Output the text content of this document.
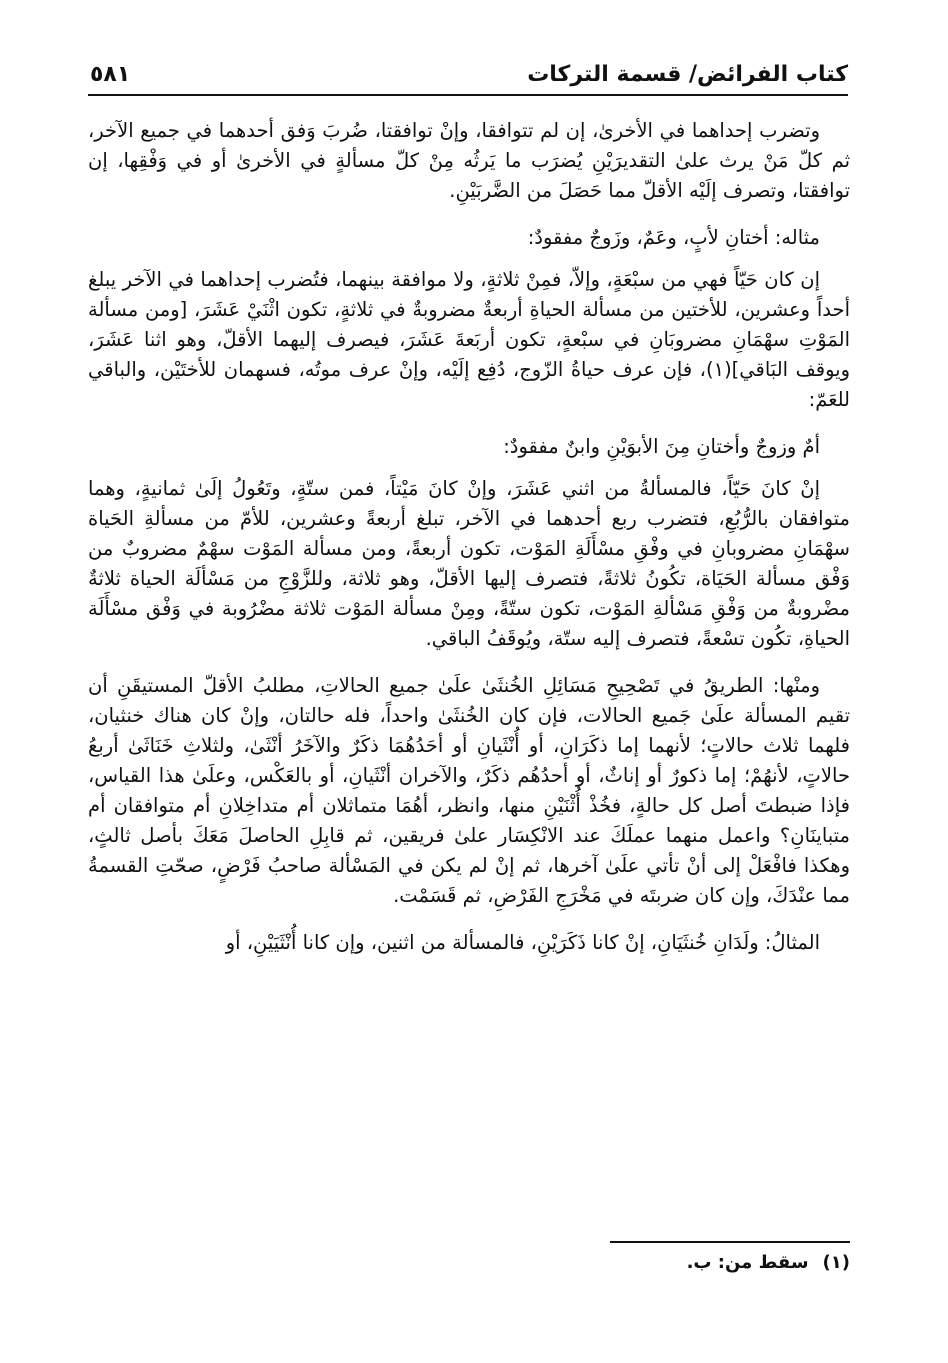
كتاب الفرائض/ قسمة التركات
٥٨١

وتضرب إحداهما في الأخرىٰ، إن لم تتوافقا، وإنْ توافقتا، ضُربَ وَفق أحدهما في جميع الآخر، ثم كلّ مَنْ يرث علىٰ التقديرَيْنِ يُضرَب ما يَرثُه مِنْ كلّ مسألةٍ في الأخرىٰ أو في وَفْقِها، إن توافقتا، وتصرف إلَيْه الأقلّ مما حَصَلَ من الضَّربَيْنِ.

مثاله: أختانِ لأبٍ، وعَمٌ، وزَوجٌ مفقودٌ:

إن كان حَيّاً فهي من سبْعَةٍ، وإلاّ، فمِنْ ثلاثةٍ، ولا موافقة بينهما، فتُضرب إحداهما في الآخر يبلغ أحداً وعشرين، للأختين من مسألة الحياةِ أربعةٌ مضروبةٌ في ثلاثةٍ، تكون اثْنَيْ عَشَرَ، [ومن مسألة المَوْتِ سهْمَانِ مضروبَانِ في سبْعةٍ، تكون أربَعةَ عَشَرَ، فيصرف إليهما الأقلّ، وهو اثنا عَشَرَ، ويوقف البَاقي](١)، فإن عرف حياةُ الزّوج، دُفِع إلَيْه، وإنْ عرف موتُه، فسهمان للأختَيْن، والباقي للعَمّ:

أمٌ وزوجٌ وأختانِ مِنَ الأبوَيْنِ وابنٌ مفقودٌ:

إنْ كانَ حَيّاً، فالمسألةُ من اثني عَشَرَ، وإنْ كانَ مَيْتاً، فمن ستّةٍ، وتَعُولُ إلَىٰ ثمانيةٍ، وهما متوافقان بالرُّبُعِ، فتضرب ربع أحدهما في الآخر، تبلغ أربعةً وعشرين، للأمّ من مسألةِ الحَياة سهْمَانِ مضروبانِ في وفْقِ مسْأَلَةِ المَوْت، تكون أربعةً، ومن مسألة المَوْت سهْمٌ مضروبٌ من وَفْق مسألة الحَيَاة، تكُونُ ثلاثةً، فتصرف إليها الأقلّ، وهو ثلاثة، وللزَّوْجِ من مَسْألَة الحياة ثلاثةٌ مضْروبةٌ من وَفْقِ مَسْألةِ المَوْت، تكون ستّةً، ومِنْ مسألة المَوْت ثلاثة مضْرُوبة في وَفْق مسْأَلَة الحياةِ، تكُون تسْعةً، فتصرف إليه ستّة، ويُوقَفُ الباقي.

ومنْها: الطريقُ في تَصْحِيحِ مَسَائِلِ الخُنثَىٰ علَىٰ جميع الحالاتِ، مطلبُ الأقلّ المستيقَنِ أن تقيم المسألة علَىٰ جَميع الحالات، فإن كان الخُنثَىٰ واحداً، فله حالتان، وإنْ كان هناك خنثيان، فلهما ثلاث حالاتٍ؛ لأنهما إما ذكَرَانِ، أو أُنْثَيانِ أو أحَدُهُمَا ذكَرٌ والآخَرُ أنْثَىٰ، ولثلاثِ خَنَاثَىٰ أربعُ حالاتٍ، لأنهُمْ؛ إما ذكورٌ أو إناثٌ، أو أحدُهُم ذكَرٌ، والآخران أنْثَيانِ، أو بالعَكْس، وعلَىٰ هذا القياس، فإذا ضبطتَ أصل كل حالةٍ، فخُذْ أُثْنَيْنِ منها، وانظر، أهُمَا متماثلان أم متداخِلانِ أم متوافقان أم متباينَانِ؟ واعمل منهما عملَكَ عند الانْكِسَار علىٰ فريقين، ثم قابِلِ الحاصلَ مَعَكَ بأصل ثالثٍ، وهكذا فافْعَلْ إلى أنْ تأتي علَىٰ آخرها، ثم إنْ لم يكن في المَسْألة صاحبُ فَرْضٍ، صحّتِ القسمةُ مما عنْدَكَ، وإن كان ضربتَه في مَخْرَجِ الفَرْضِ، ثم قَسَمْت.

المثالُ: ولَدَانِ خُنثَيَانِ، إنْ كانا ذَكَرَيْنِ، فالمسألة من اثنين، وإن كانا أُنْثَيَيْنِ، أو

(١)سقط من: ب.
